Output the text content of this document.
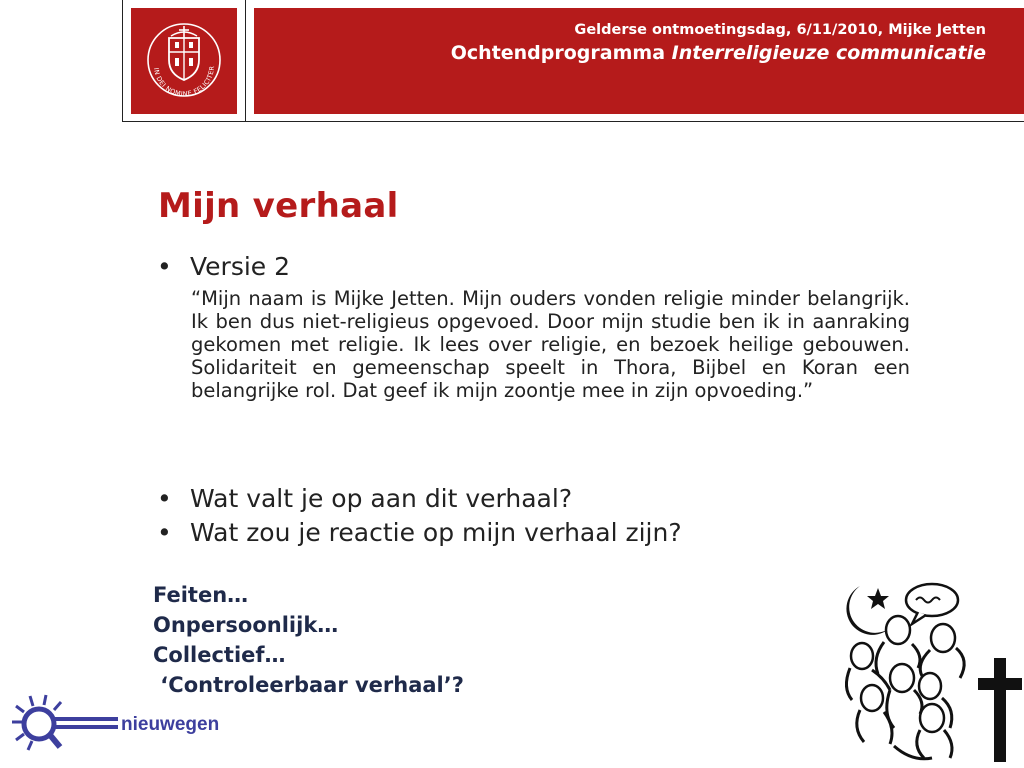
IN DEI NOMINE FELICITER
Gelderse ontmoetingsdag, 6/11/2010, Mijke Jetten
Ochtendprogramma Interreligieuze communicatie
Mijn verhaal
• Versie 2
“Mijn naam is Mijke Jetten. Mijn ouders vonden religie minder belangrijk. Ik ben dus niet-religieus opgevoed. Door mijn studie ben ik in aanraking gekomen met religie. Ik lees over religie, en bezoek heilige gebouwen. Solidariteit en gemeenschap speelt in Thora, Bijbel en Koran een belangrijke rol. Dat geef ik mijn zoontje mee in zijn opvoeding.”
• Wat valt je op aan dit verhaal?
• Wat zou je reactie op mijn verhaal zijn?
Feiten…
Onpersoonlijk…
Collectief…
‘Controleerbaar verhaal’?
nieuwegen
